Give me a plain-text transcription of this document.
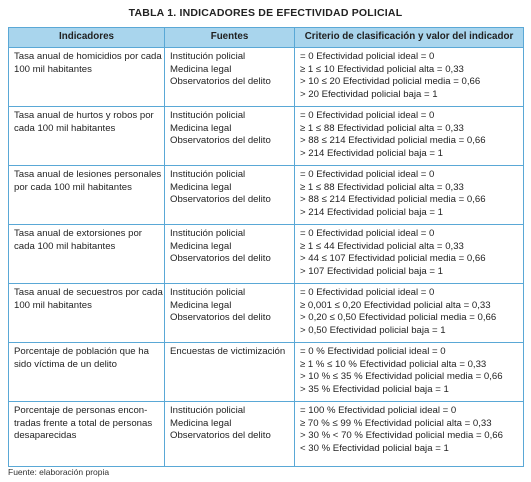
TABLA 1. INDICADORES DE EFECTIVIDAD POLICIAL
Indicadores	Fuentes	Criterio de clasificación y valor del indicador

Tasa anual de homicidios por cada
100 mil habitantes	Institución policial
Medicina legal
Observatorios del delito	= 0 Efectividad policial ideal = 0
≥ 1 ≤ 10 Efectividad policial alta = 0,33
> 10 ≤ 20 Efectividad policial media = 0,66
> 20 Efectividad policial baja = 1

Tasa anual de hurtos y robos por
cada 100 mil habitantes	Institución policial
Medicina legal
Observatorios del delito	= 0 Efectividad policial ideal = 0
≥ 1 ≤ 88 Efectividad policial alta = 0,33
> 88 ≤ 214 Efectividad policial media = 0,66
> 214 Efectividad policial baja = 1

Tasa anual de lesiones personales
por cada 100 mil habitantes	Institución policial
Medicina legal
Observatorios del delito	= 0 Efectividad policial ideal = 0
≥ 1 ≤ 88 Efectividad policial alta = 0,33
> 88 ≤ 214 Efectividad policial media = 0,66
> 214 Efectividad policial baja = 1

Tasa anual de extorsiones por
cada 100 mil habitantes	Institución policial
Medicina legal
Observatorios del delito	= 0 Efectividad policial ideal = 0
≥ 1 ≤ 44 Efectividad policial alta = 0,33
> 44 ≤ 107 Efectividad policial media = 0,66
> 107 Efectividad policial baja = 1

Tasa anual de secuestros por cada
100 mil habitantes	Institución policial
Medicina legal
Observatorios del delito	= 0 Efectividad policial ideal = 0
≥ 0,001 ≤ 0,20 Efectividad policial alta = 0,33
> 0,20 ≤ 0,50 Efectividad policial media = 0,66
> 0,50 Efectividad policial baja = 1

Porcentaje de población que ha
sido víctima de un delito	Encuestas de victimización	= 0 % Efectividad policial ideal = 0
≥ 1 % ≤ 10 % Efectividad policial alta = 0,33
> 10 % ≤ 35 % Efectividad policial media = 0,66
> 35 % Efectividad policial baja = 1

Porcentaje de personas encon-
tradas frente a total de personas
desaparecidas	Institución policial
Medicina legal
Observatorios del delito	= 100 % Efectividad policial ideal = 0
≥ 70 % ≤ 99 % Efectividad policial alta = 0,33
> 30 % < 70 % Efectividad policial media = 0,66
< 30 % Efectividad policial baja = 1
Fuente: elaboración propia
